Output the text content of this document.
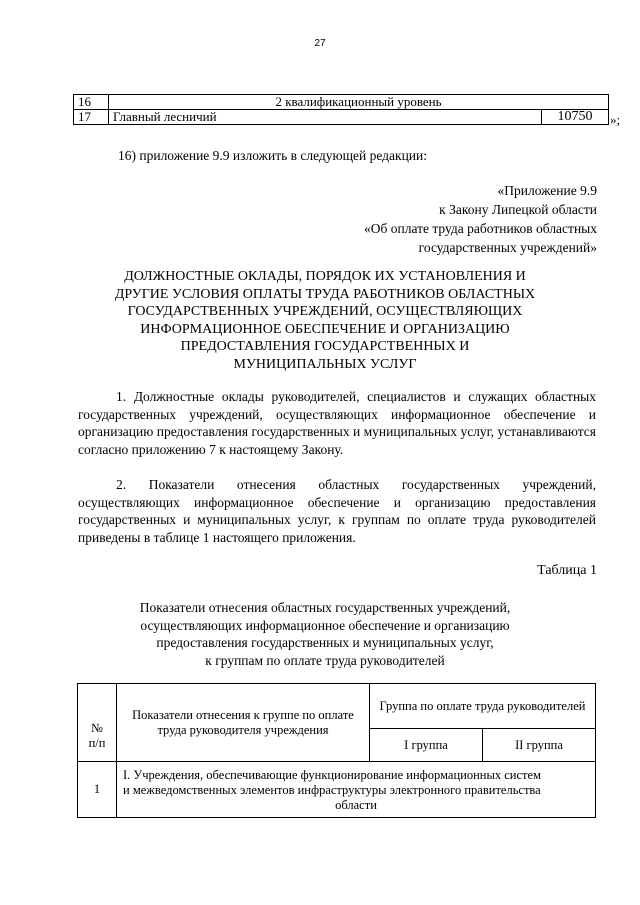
27
16	2 квалификационный уровень	
17	Главный лесничий	10750 »;
16) приложение 9.9 изложить в следующей редакции:
«Приложение 9.9
к Закону Липецкой области
«Об оплате труда работников областных
государственных учреждений»
ДОЛЖНОСТНЫЕ ОКЛАДЫ, ПОРЯДОК ИХ УСТАНОВЛЕНИЯ И
ДРУГИЕ УСЛОВИЯ ОПЛАТЫ ТРУДА РАБОТНИКОВ ОБЛАСТНЫХ
ГОСУДАРСТВЕННЫХ УЧРЕЖДЕНИЙ, ОСУЩЕСТВЛЯЮЩИХ
ИНФОРМАЦИОННОЕ ОБЕСПЕЧЕНИЕ И ОРГАНИЗАЦИЮ
ПРЕДОСТАВЛЕНИЯ ГОСУДАРСТВЕННЫХ И
МУНИЦИПАЛЬНЫХ УСЛУГ

1. Должностные оклады руководителей, специалистов и служащих областных государственных учреждений, осуществляющих информационное обеспечение и организацию предоставления государственных и муниципальных услуг, устанавливаются согласно приложению 7 к настоящему Закону.

2. Показатели отнесения областных государственных учреждений, осуществляющих информационное обеспечение и организацию предоставления государственных и муниципальных услуг, к группам по оплате труда руководителей приведены в таблице 1 настоящего приложения.

Таблица 1
Показатели отнесения областных государственных учреждений,
осуществляющих информационное обеспечение и организацию
предоставления государственных и муниципальных услуг,
к группам по оплате труда руководителей
№
п/п	Показатели отнесения к группе по оплате труда руководителя учреждения	Группа по оплате труда руководителей	
		I группа	II группа
1	I. Учреждения, обеспечивающие функционирование информационных систем
и межведомственных элементов инфраструктуры электронного правительства
области		
